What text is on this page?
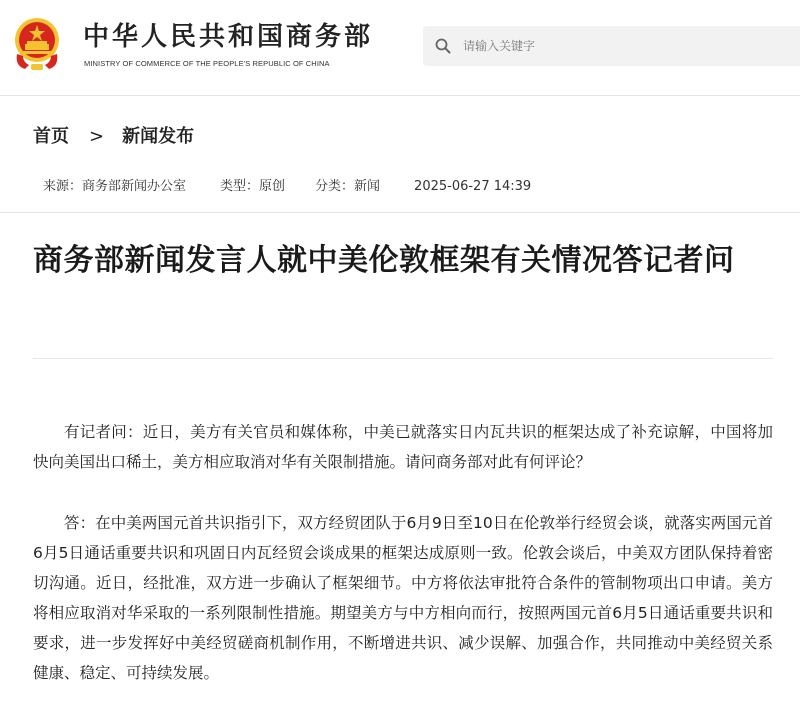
中华人民共和国商务部
MINISTRY OF COMMERCE OF THE PEOPLE'S REPUBLIC OF CHINA
请输入关键字
首页 > 新闻发布
来源：商务部新闻办公室	类型：原创 分类：新闻	2025-06-27 14:39
商务部新闻发言人就中美伦敦框架有关情况答记者问

有记者问：近日，美方有关官员和媒体称，中美已就落实日内瓦共识的框架达成了补充谅解，中国将加快向美国出口稀土，美方相应取消对华有关限制措施。请问商务部对此有何评论？

答：在中美两国元首共识指引下，双方经贸团队于6月9日至10日在伦敦举行经贸会谈，就落实两国元首6月5日通话重要共识和巩固日内瓦经贸会谈成果的框架达成原则一致。伦敦会谈后，中美双方团队保持着密切沟通。近日，经批准，双方进一步确认了框架细节。中方将依法审批符合条件的管制物项出口申请。美方将相应取消对华采取的一系列限制性措施。期望美方与中方相向而行，按照两国元首6月5日通话重要共识和要求，进一步发挥好中美经贸磋商机制作用，不断增进共识、减少误解、加强合作，共同推动中美经贸关系健康、稳定、可持续发展。
